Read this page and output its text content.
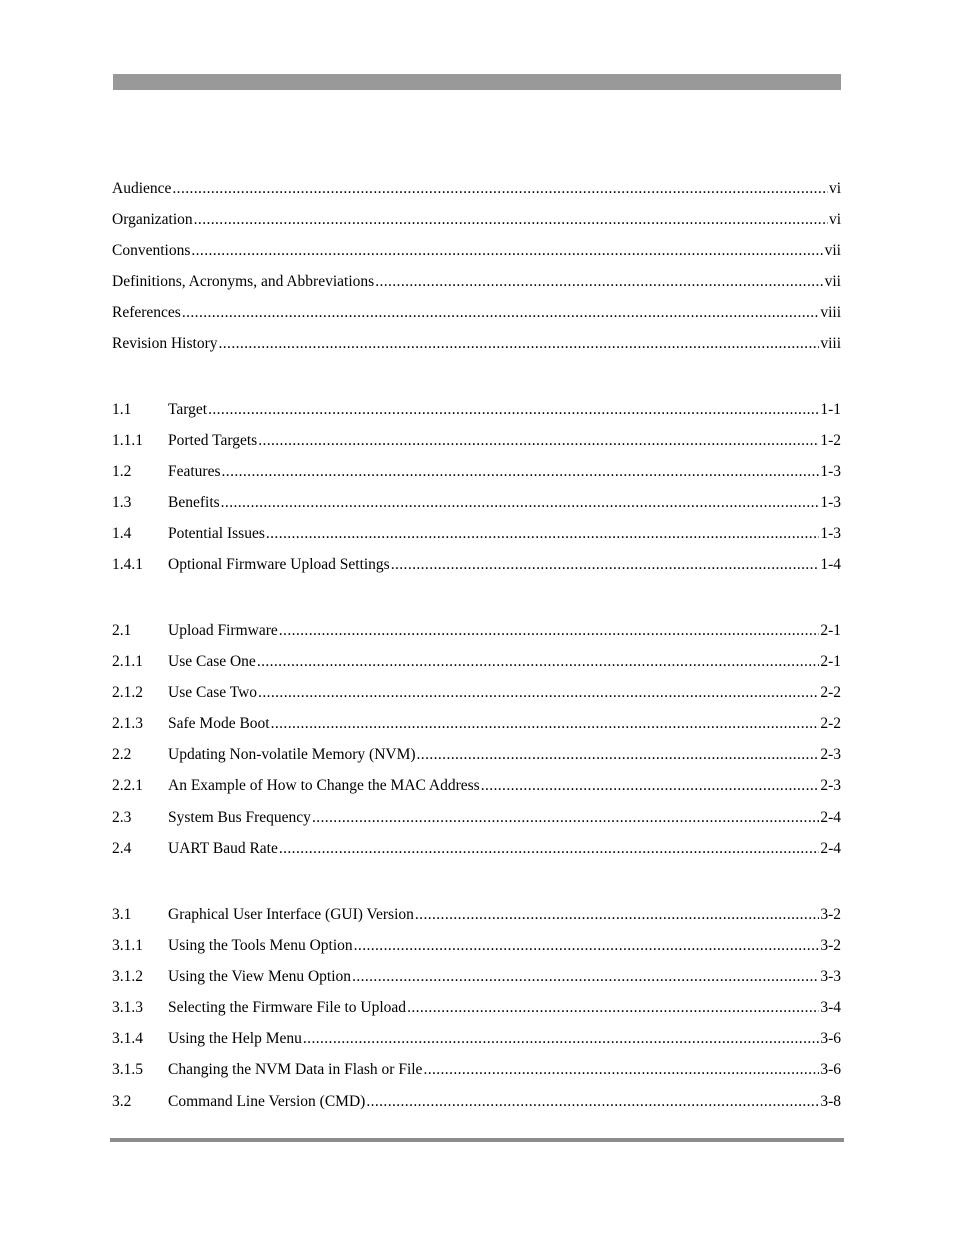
Audience .....	vi
Organization .....	vi
Conventions .....	vii
Definitions, Acronyms, and Abbreviations .....	vii
References .....	viii
Revision History .....	viii
1.1	Target .....	1-1
1.1.1	Ported Targets .....	1-2
1.2	Features .....	1-3
1.3	Benefits .....	1-3
1.4	Potential Issues .....	1-3
1.4.1	Optional Firmware Upload Settings .....	1-4
2.1	Upload Firmware .....	2-1
2.1.1	Use Case One .....	2-1
2.1.2	Use Case Two .....	2-2
2.1.3	Safe Mode Boot .....	2-2
2.2	Updating Non-volatile Memory (NVM) .....	2-3
2.2.1	An Example of How to Change the MAC Address .....	2-3
2.3	System Bus Frequency .....	2-4
2.4	UART Baud Rate .....	2-4
3.1	Graphical User Interface (GUI) Version .....	3-2
3.1.1	Using the Tools Menu Option .....	3-2
3.1.2	Using the View Menu Option .....	3-3
3.1.3	Selecting the Firmware File to Upload .....	3-4
3.1.4	Using the Help Menu .....	3-6
3.1.5	Changing the NVM Data in Flash or File .....	3-6
3.2	Command Line Version (CMD) .....	3-8
